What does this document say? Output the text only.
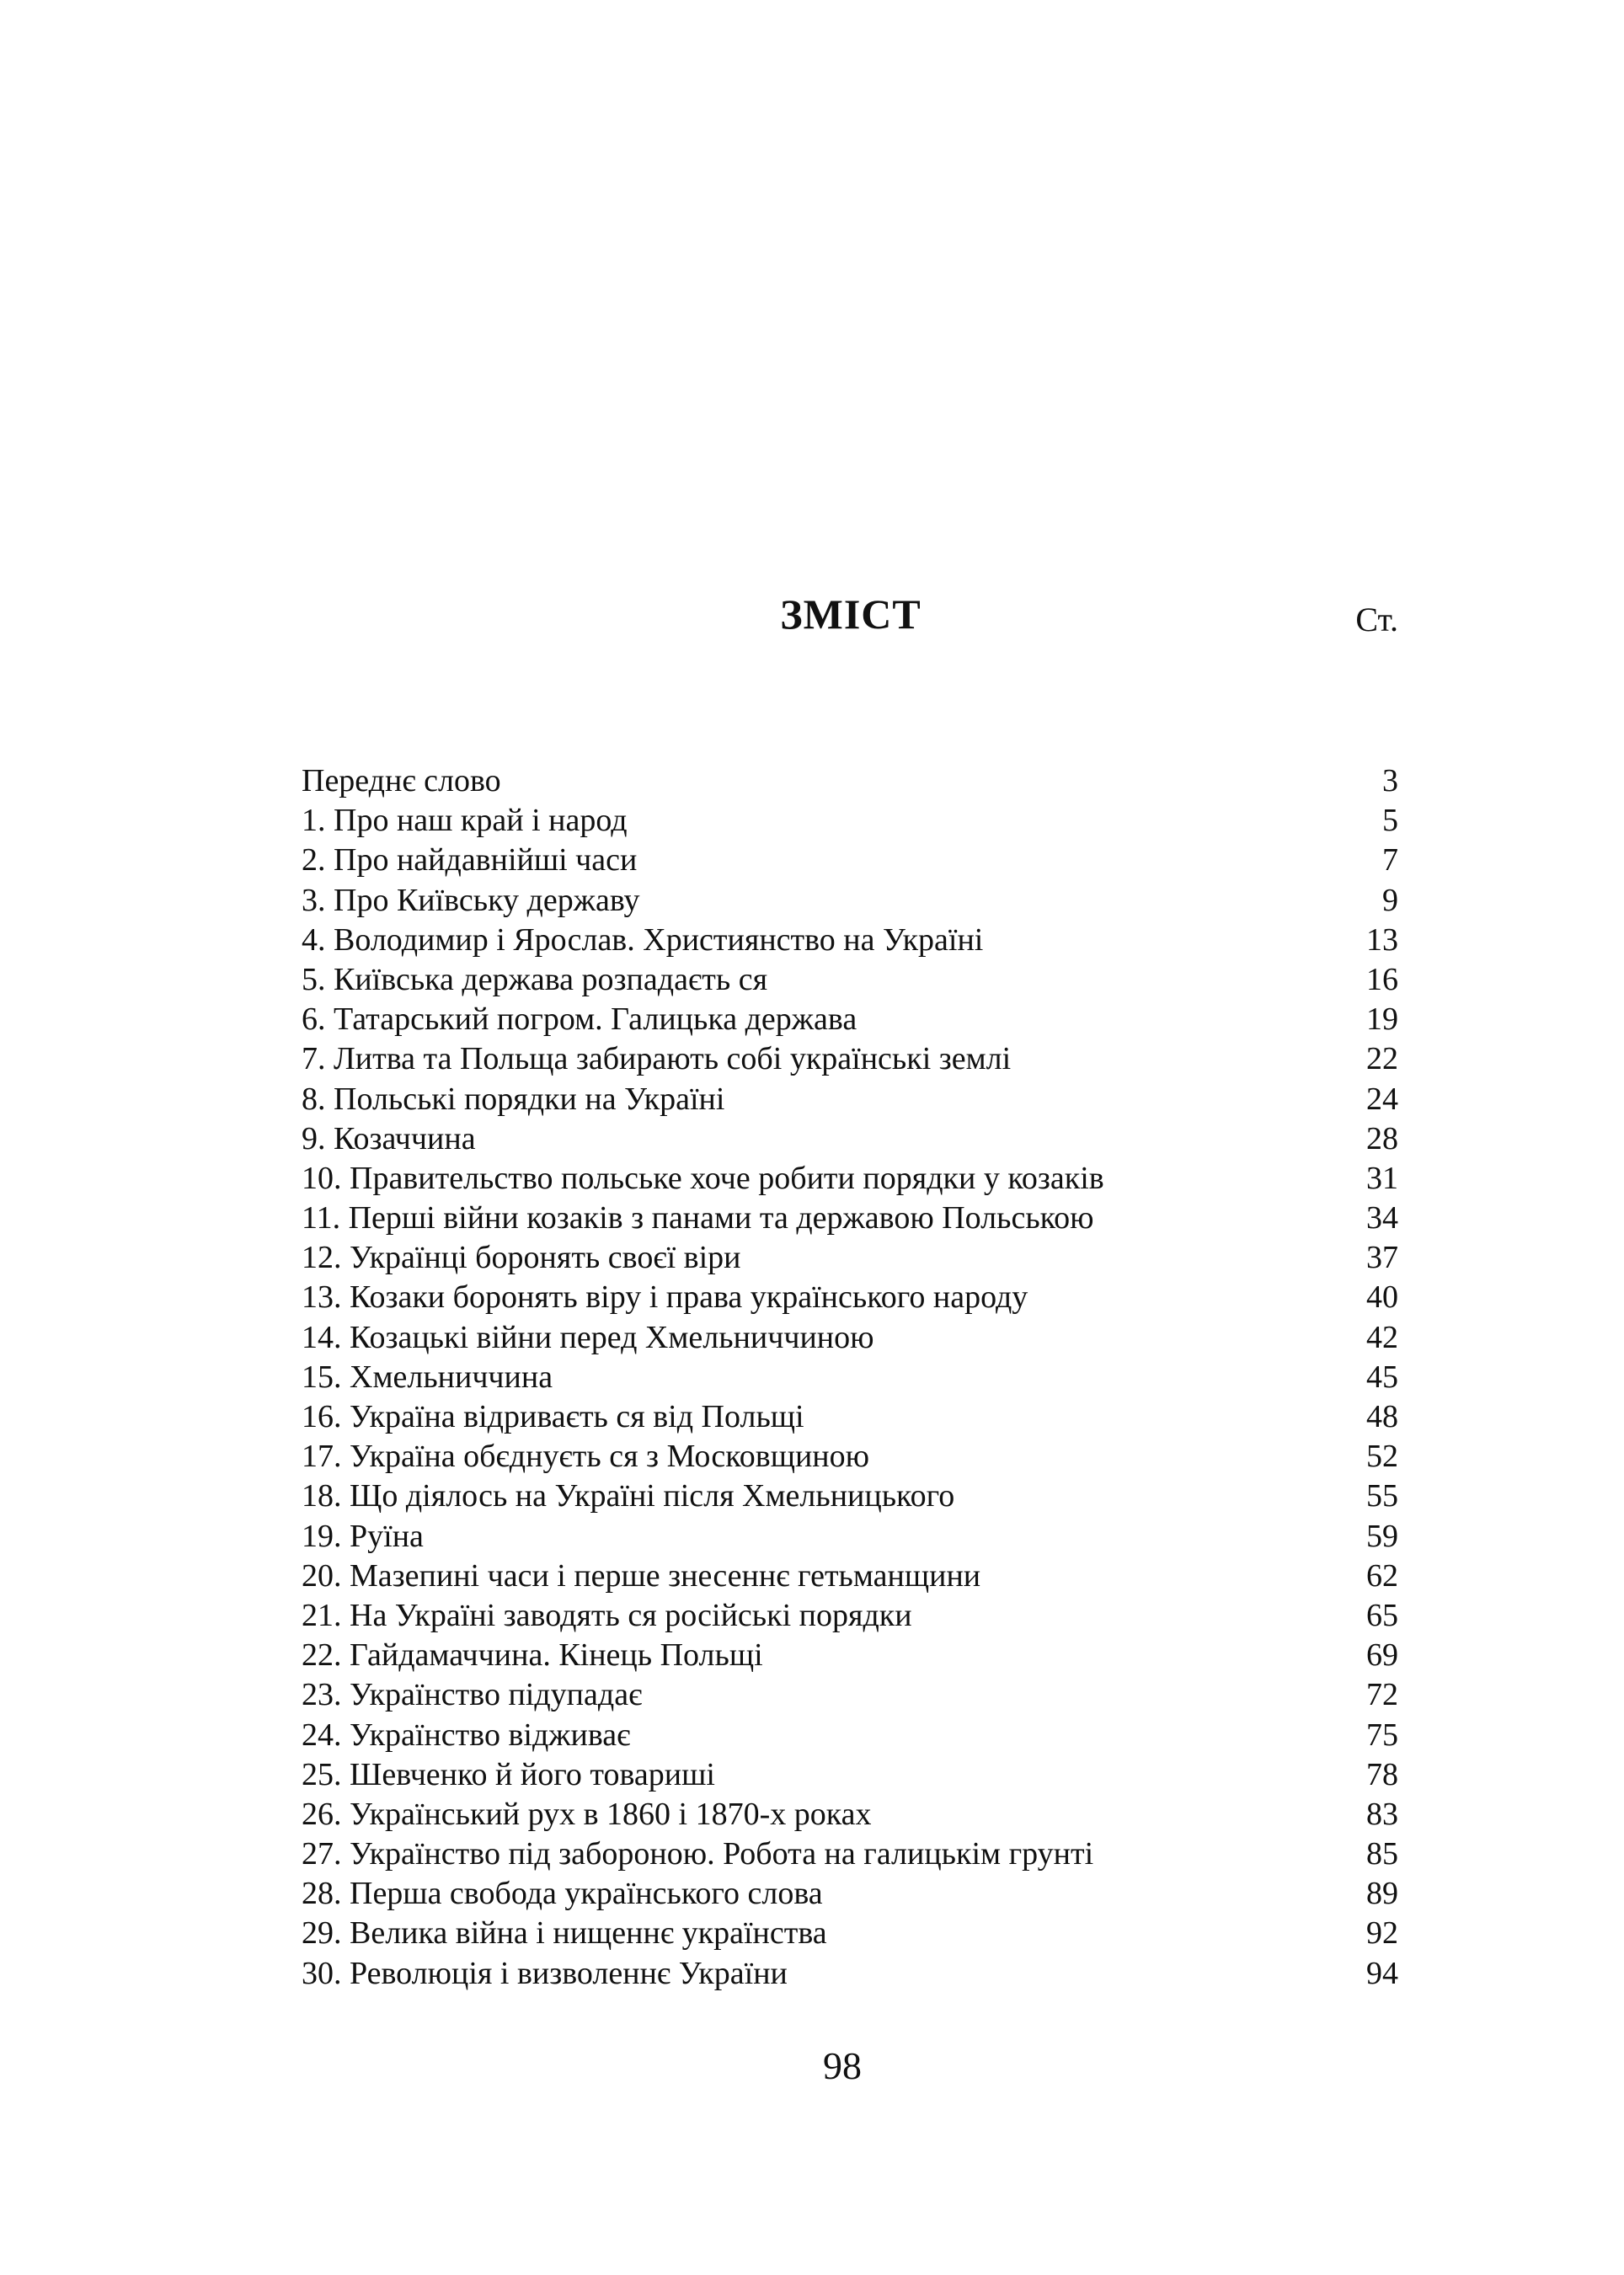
ЗМІСТ	Ст.
Переднє слово	3
1. Про наш край і народ	5
2. Про найдавнійші часи	7
3. Про Київську державу	9
4. Володимир і Ярослав. Християнство на Україні	13
5. Київська держава розпадаєть ся	16
6. Татарський погром. Галицька держава	19
7. Литва та Польща забирають собі українські землі	22
8. Польські порядки на Україні	24
9. Козаччина	28
10. Правительство польське хоче робити порядки у козаків	31
11. Перші війни козаків з панами та державою Польською	34
12. Українці боронять своєї віри	37
13. Козаки боронять віру і права українського народу	40
14. Козацькі війни перед Хмельниччиною	42
15. Хмельниччина	45
16. Україна відриваєть ся від Польщі	48
17. Україна обєднуєть ся з Московщиною	52
18. Що діялось на Україні після Хмельницького	55
19. Руїна	59
20. Мазепині часи і перше знесеннє гетьманщини	62
21. На Україні заводять ся російські порядки	65
22. Гайдамаччина. Кінець Польщі	69
23. Українство підупадає	72
24. Українство відживає	75
25. Шевченко й його товариші	78
26. Український рух в 1860 і 1870-х роках	83
27. Українство під забороною. Робота на галицькім грунті	85
28. Перша свобода українського слова	89
29. Велика війна і нищеннє українства	92
30. Революція і визволеннє України	94
98
